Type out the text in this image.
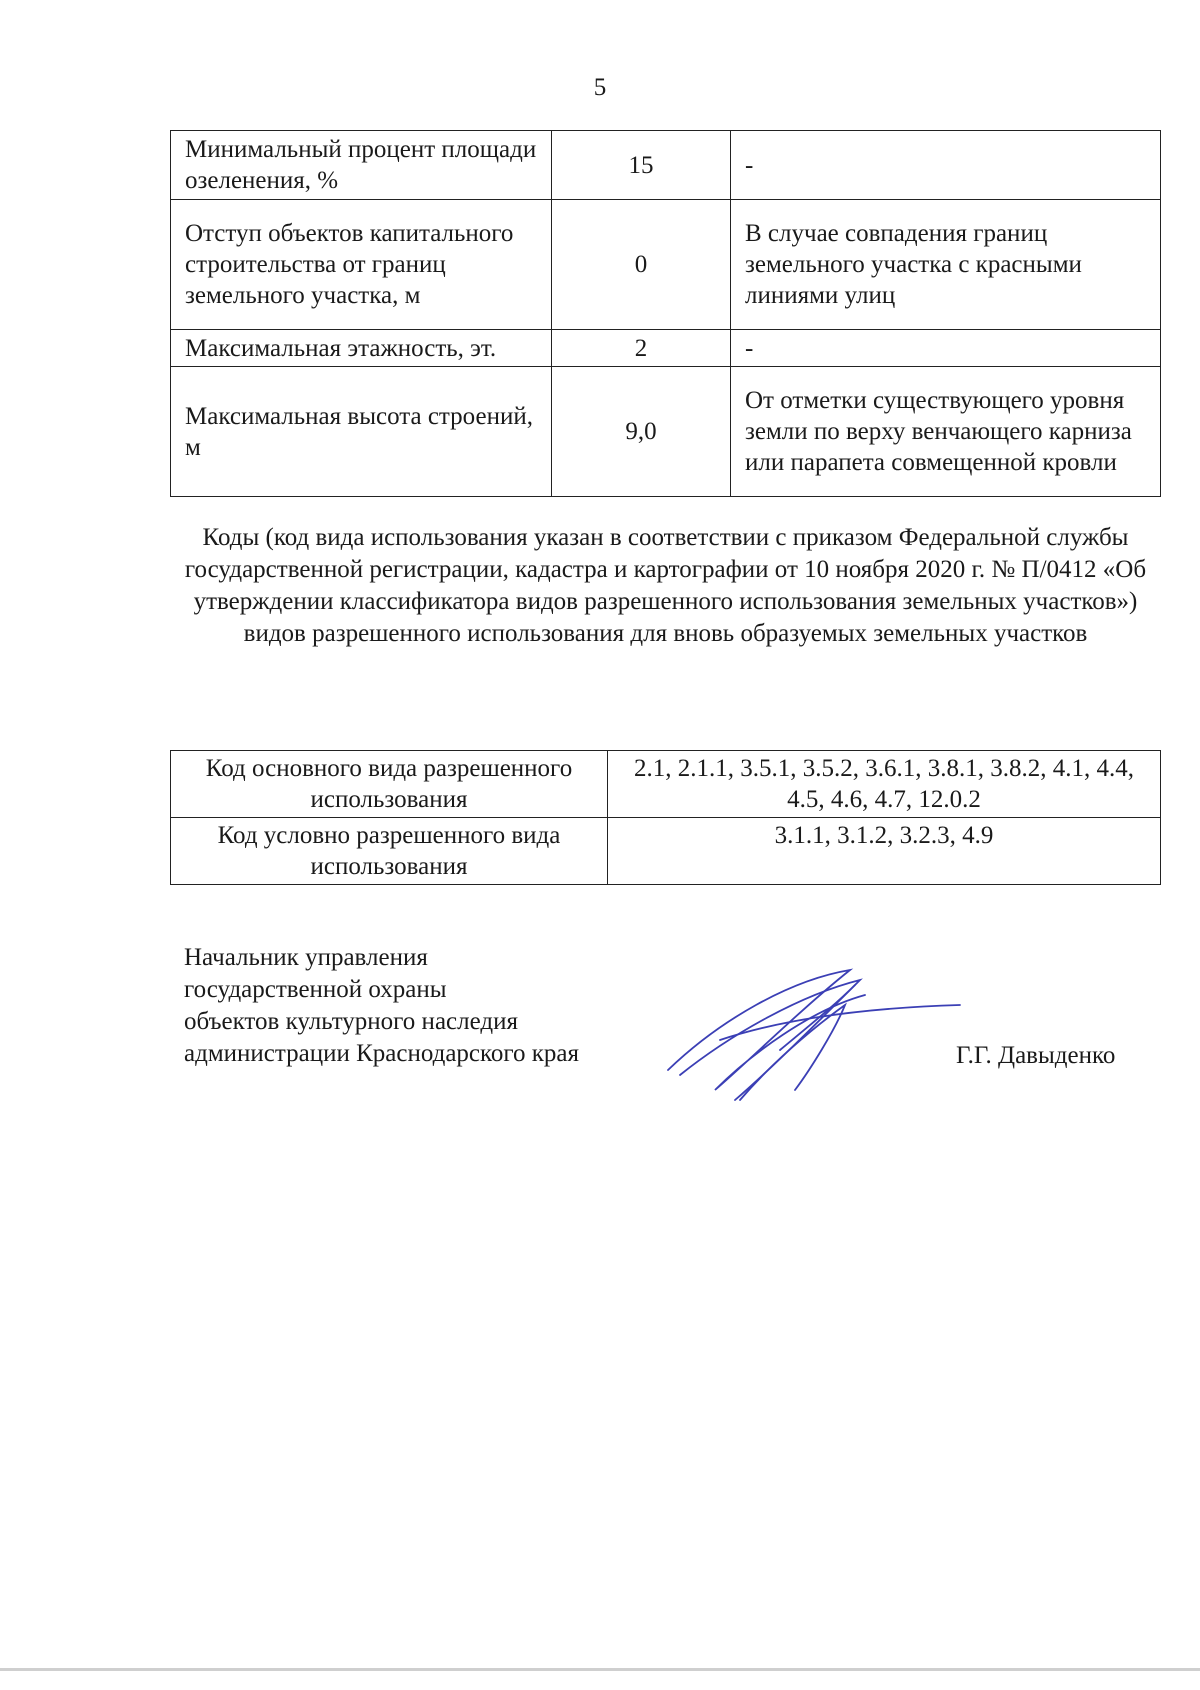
5
Минимальный процент площади озеленения, %	15	-
Отступ объектов капитального строительства от границ земельного участка, м	0	В случае совпадения границ земельного участка с красными линиями улиц
Максимальная этажность, эт.	2	-
Максимальная высота строений, м	9,0	От отметки существующего уровня земли по верху венчающего карниза или парапета совмещенной кровли
Коды (код вида использования указан в соответствии с приказом Федеральной службы государственной регистрации, кадастра и картографии от 10 ноября 2020 г. № П/0412 «Об утверждении классификатора видов разрешенного использования земельных участков») видов разрешенного использования для вновь образуемых земельных участков
Код основного вида разрешенного использования	2.1, 2.1.1, 3.5.1, 3.5.2, 3.6.1, 3.8.1, 3.8.2, 4.1, 4.4, 4.5, 4.6, 4.7, 12.0.2
Код условно разрешенного вида использования	3.1.1, 3.1.2, 3.2.3, 4.9
Начальник управления
государственной охраны
объектов культурного наследия
администрации Краснодарского края	Г.Г. Давыденко
